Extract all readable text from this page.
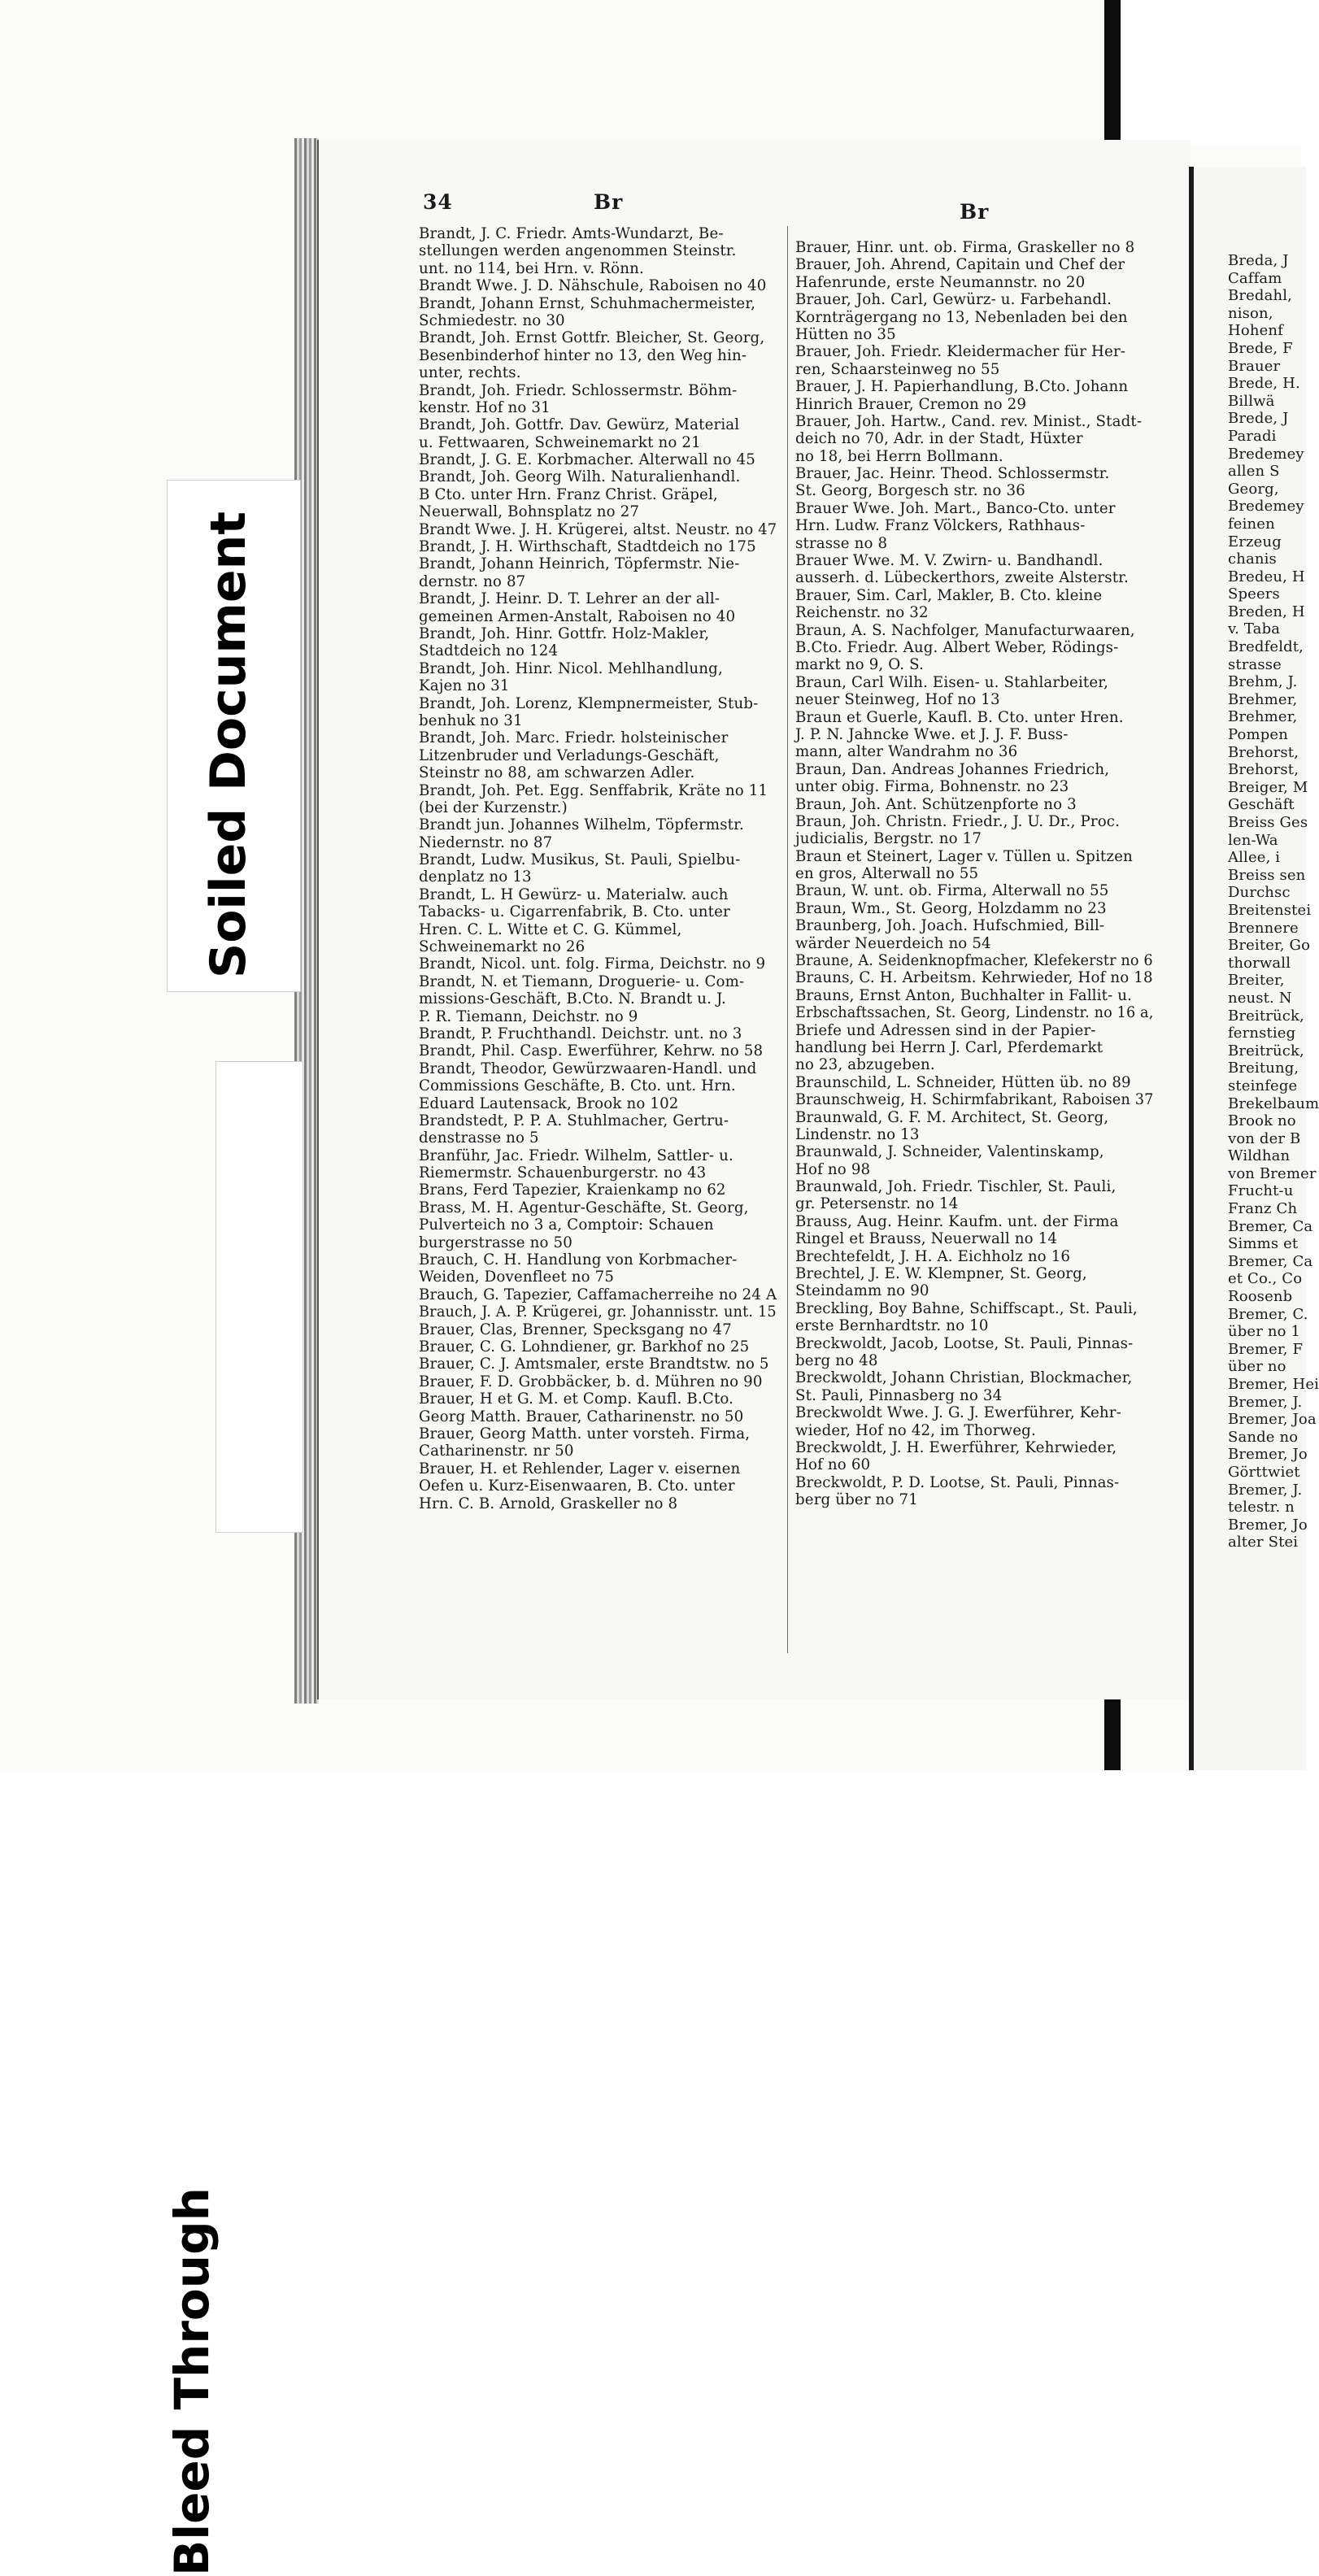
Soiled Document
Bleed Through
34	Br	Br
Brandt, J. C. Friedr. Amts-Wundarzt, Be-
stellungen werden angenommen Steinstr.
unt. no 114, bei Hrn. v. Rönn.
Brandt Wwe. J. D. Nähschule, Raboisen no 40
Brandt, Johann Ernst, Schuhmachermeister,
Schmiedestr. no 30
Brandt, Joh. Ernst Gottfr. Bleicher, St. Georg,
Besenbinderhof hinter no 13, den Weg hin-
unter, rechts.
Brandt, Joh. Friedr. Schlossermstr. Böhm-
kenstr. Hof no 31
Brandt, Joh. Gottfr. Dav. Gewürz, Material
u. Fettwaaren, Schweinemarkt no 21
Brandt, J. G. E. Korbmacher. Alterwall no 45
Brandt, Joh. Georg Wilh. Naturalienhandl.
B Cto. unter Hrn. Franz Christ. Gräpel,
Neuerwall, Bohnsplatz no 27
Brandt Wwe. J. H. Krügerei, altst. Neustr. no 47
Brandt, J. H. Wirthschaft, Stadtdeich no 175
Brandt, Johann Heinrich, Töpfermstr. Nie-
dernstr. no 87
Brandt, J. Heinr. D. T. Lehrer an der all-
gemeinen Armen-Anstalt, Raboisen no 40
Brandt, Joh. Hinr. Gottfr. Holz-Makler,
Stadtdeich no 124
Brandt, Joh. Hinr. Nicol. Mehlhandlung,
Kajen no 31
Brandt, Joh. Lorenz, Klempnermeister, Stub-
benhuk no 31
Brandt, Joh. Marc. Friedr. holsteinischer
Litzenbruder und Verladungs-Geschäft,
Steinstr no 88, am schwarzen Adler.
Brandt, Joh. Pet. Egg. Senffabrik, Kräte no 11
(bei der Kurzenstr.)
Brandt jun. Johannes Wilhelm, Töpfermstr.
Niedernstr. no 87
Brandt, Ludw. Musikus, St. Pauli, Spielbu-
denplatz no 13
Brandt, L. H Gewürz- u. Materialw. auch
Tabacks- u. Cigarrenfabrik, B. Cto. unter
Hren. C. L. Witte et C. G. Kümmel,
Schweinemarkt no 26
Brandt, Nicol. unt. folg. Firma, Deichstr. no 9
Brandt, N. et Tiemann, Droguerie- u. Com-
missions-Geschäft, B.Cto. N. Brandt u. J.
P. R. Tiemann, Deichstr. no 9
Brandt, P. Fruchthandl. Deichstr. unt. no 3
Brandt, Phil. Casp. Ewerführer, Kehrw. no 58
Brandt, Theodor, Gewürzwaaren-Handl. und
Commissions Geschäfte, B. Cto. unt. Hrn.
Eduard Lautensack, Brook no 102
Brandstedt, P. P. A. Stuhlmacher, Gertru-
denstrasse no 5
Branführ, Jac. Friedr. Wilhelm, Sattler- u.
Riemermstr. Schauenburgerstr. no 43
Brans, Ferd Tapezier, Kraienkamp no 62
Brass, M. H. Agentur-Geschäfte, St. Georg,
Pulverteich no 3 a, Comptoir: Schauen
burgerstrasse no 50
Brauch, C. H. Handlung von Korbmacher-
Weiden, Dovenfleet no 75
Brauch, G. Tapezier, Caffamacherreihe no 24 A
Brauch, J. A. P. Krügerei, gr. Johannisstr. unt. 15
Brauer, Clas, Brenner, Specksgang no 47
Brauer, C. G. Lohndiener, gr. Barkhof no 25
Brauer, C. J. Amtsmaler, erste Brandtstw. no 5
Brauer, F. D. Grobbäcker, b. d. Mühren no 90
Brauer, H et G. M. et Comp. Kaufl. B.Cto.
Georg Matth. Brauer, Catharinenstr. no 50
Brauer, Georg Matth. unter vorsteh. Firma,
Catharinenstr. nr 50
Brauer, H. et Rehlender, Lager v. eisernen
Oefen u. Kurz-Eisenwaaren, B. Cto. unter
Hrn. C. B. Arnold, Graskeller no 8
Brauer, Hinr. unt. ob. Firma, Graskeller no 8
Brauer, Joh. Ahrend, Capitain und Chef der
Hafenrunde, erste Neumannstr. no 20
Brauer, Joh. Carl, Gewürz- u. Farbehandl.
Kornträgergang no 13, Nebenladen bei den
Hütten no 35
Brauer, Joh. Friedr. Kleidermacher für Her-
ren, Schaarsteinweg no 55
Brauer, J. H. Papierhandlung, B.Cto. Johann
Hinrich Brauer, Cremon no 29
Brauer, Joh. Hartw., Cand. rev. Minist., Stadt-
deich no 70, Adr. in der Stadt, Hüxter
no 18, bei Herrn Bollmann.
Brauer, Jac. Heinr. Theod. Schlossermstr.
St. Georg, Borgesch str. no 36
Brauer Wwe. Joh. Mart., Banco-Cto. unter
Hrn. Ludw. Franz Völckers, Rathhaus-
strasse no 8
Brauer Wwe. M. V. Zwirn- u. Bandhandl.
ausserh. d. Lübeckerthors, zweite Alsterstr.
Brauer, Sim. Carl, Makler, B. Cto. kleine
Reichenstr. no 32
Braun, A. S. Nachfolger, Manufacturwaaren,
B.Cto. Friedr. Aug. Albert Weber, Rödings-
markt no 9, O. S.
Braun, Carl Wilh. Eisen- u. Stahlarbeiter,
neuer Steinweg, Hof no 13
Braun et Guerle, Kaufl. B. Cto. unter Hren.
J. P. N. Jahncke Wwe. et J. J. F. Buss-
mann, alter Wandrahm no 36
Braun, Dan. Andreas Johannes Friedrich,
unter obig. Firma, Bohnenstr. no 23
Braun, Joh. Ant. Schützenpforte no 3
Braun, Joh. Christn. Friedr., J. U. Dr., Proc.
judicialis, Bergstr. no 17
Braun et Steinert, Lager v. Tüllen u. Spitzen
en gros, Alterwall no 55
Braun, W. unt. ob. Firma, Alterwall no 55
Braun, Wm., St. Georg, Holzdamm no 23
Braunberg, Joh. Joach. Hufschmied, Bill-
wärder Neuerdeich no 54
Braune, A. Seidenknopfmacher, Klefekerstr no 6
Brauns, C. H. Arbeitsm. Kehrwieder, Hof no 18
Brauns, Ernst Anton, Buchhalter in Fallit- u.
Erbschaftssachen, St. Georg, Lindenstr. no 16 a,
Briefe und Adressen sind in der Papier-
handlung bei Herrn J. Carl, Pferdemarkt
no 23, abzugeben.
Braunschild, L. Schneider, Hütten üb. no 89
Braunschweig, H. Schirmfabrikant, Raboisen 37
Braunwald, G. F. M. Architect, St. Georg,
Lindenstr. no 13
Braunwald, J. Schneider, Valentinskamp,
Hof no 98
Braunwald, Joh. Friedr. Tischler, St. Pauli,
gr. Petersenstr. no 14
Brauss, Aug. Heinr. Kaufm. unt. der Firma
Ringel et Brauss, Neuerwall no 14
Brechtefeldt, J. H. A. Eichholz no 16
Brechtel, J. E. W. Klempner, St. Georg,
Steindamm no 90
Breckling, Boy Bahne, Schiffscapt., St. Pauli,
erste Bernhardtstr. no 10
Breckwoldt, Jacob, Lootse, St. Pauli, Pinnas-
berg no 48
Breckwoldt, Johann Christian, Blockmacher,
St. Pauli, Pinnasberg no 34
Breckwoldt Wwe. J. G. J. Ewerführer, Kehr-
wieder, Hof no 42, im Thorweg.
Breckwoldt, J. H. Ewerführer, Kehrwieder,
Hof no 60
Breckwoldt, P. D. Lootse, St. Pauli, Pinnas-
berg über no 71
Breda, J
Caffam
Bredahl,
nison,
Hohenf
Brede, F
Brauer
Brede, H.
Billwä
Brede, J
Paradi
Bredemey
allen S
Georg,
Bredemey
feinen
Erzeug
chanis
Bredeu, H
Speers
Breden, H
v. Taba
Bredfeldt,
strasse
Brehm, J.
Brehmer,
Brehmer,
Pompen
Brehorst,
Brehorst,
Breiger, M
Geschäft
Breiss Ges
len-Wa
Allee, i
Breiss sen
Durchsc
Breitenstei
Brennere
Breiter, Go
thorwall
Breiter,
neust. N
Breitrück,
fernstieg
Breitrück,
Breitung,
steinfege
Brekelbaum
Brook no
von der B
Wildhan
von Bremer
Frucht-u
Franz Ch
Bremer, Ca
Simms et
Bremer, Ca
et Co., Co
Roosenb
Bremer, C.
über no 1
Bremer, F
über no
Bremer, Hei
Bremer, J.
Bremer, Joa
Sande no
Bremer, Jo
Görttwiet
Bremer, J.
telestr. n
Bremer, Jo
alter Stei
